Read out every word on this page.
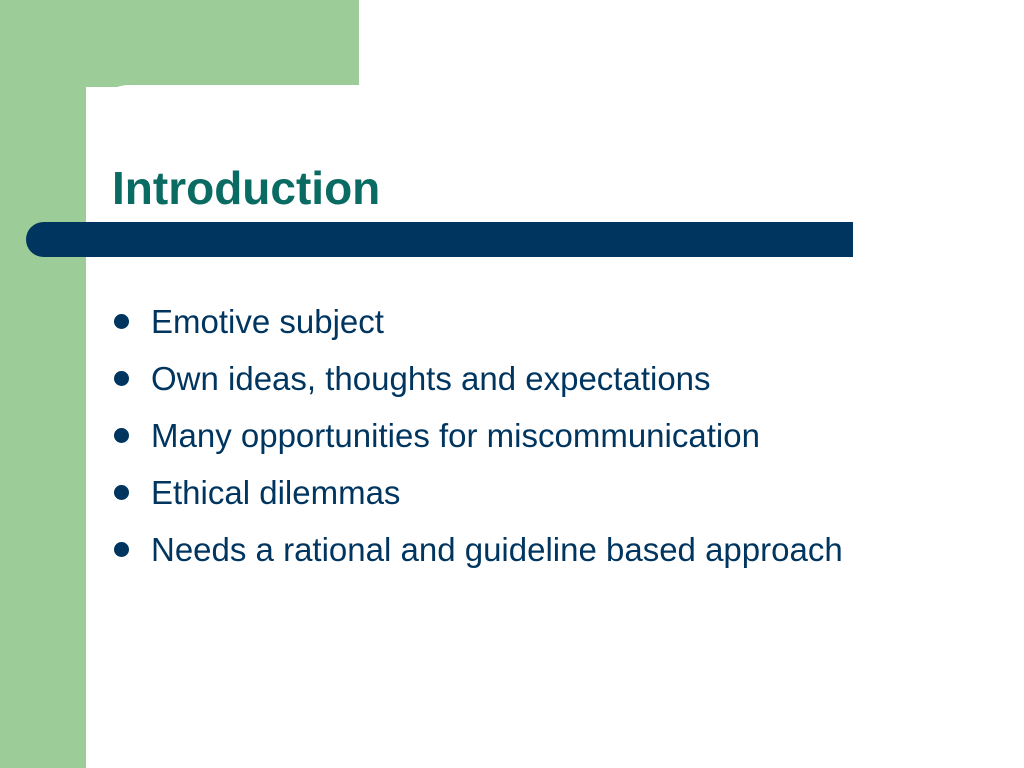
Introduction
Emotive subject
Own ideas, thoughts and expectations
Many opportunities for miscommunication
Ethical dilemmas
Needs a rational and guideline based approach
